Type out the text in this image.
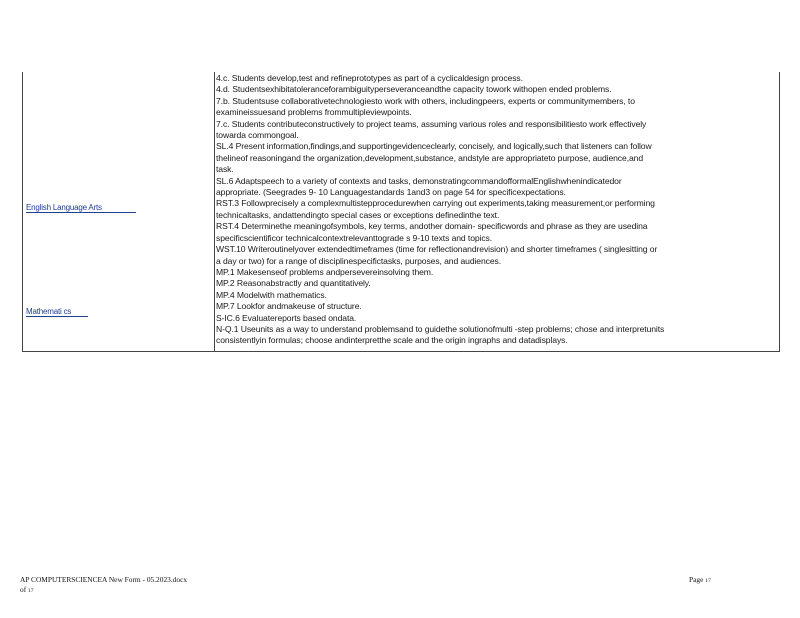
English Language Arts
Mathemati cs

4.c. Students develop,test and refineprototypes as part of a cyclicaldesign process.

4.d. Studentsexhibitatoleranceforambiguityperseveranceandthe capacity towork withopen ended problems.

7.b. Studentsuse collaborativetechnologiesto work with others, includingpeers, experts or communitymembers, to

examineissuesand problems frommultipleviewpoints.

7.c. Students contributeconstructively to project teams, assuming various roles and responsibilitiesto work effectively

towarda commongoal.

SL.4 Present information,findings,and supportingevidenceclearly, concisely, and logically,such that listeners can follow

thelineof reasoningand the organization,development,substance, andstyle are appropriateto purpose, audience,and

task.

SL.6 Adaptspeech to a variety of contexts and tasks, demonstratingcommandofformalEnglishwhenindicatedor

appropriate. (Seegrades 9- 10 Languagestandards 1and3 on page 54 for specificexpectations.

RST.3 Followprecisely a complexmultistepprocedurewhen carrying out experiments,taking measurement,or performing

technicaltasks, andattendingto special cases or exceptions definedinthe text.

RST.4 Determinethe meaningofsymbols, key terms, andother domain- specificwords and phrase as they are usedina

specificscientificor technicalcontextrelevanttograde s 9-10 texts and topics.

WST.10 Writeroutinelyover extendedtimeframes (time for reflectionandrevision) and shorter timeframes ( singlesitting or

a day or two) for a range of disciplinespecifictasks, purposes, and audiences.

MP.1 Makesenseof problems andpersevereinsolving them.

MP.2 Reasonabstractly and quantitatively.

MP.4 Modelwith mathematics.

MP.7 Lookfor andmakeuse of structure.

S-IC.6 Evaluatereports based ondata.

N-Q.1 Useunits as a way to understand problemsand to guidethe solutionofmulti -step problems; chose and interpretunits

consistentlyin formulas; choose andinterpretthe scale and the origin ingraphs and datadisplays.

AP COMPUTERSCIENCEA New Form - 05.2023.docx
of 17
Page 17
